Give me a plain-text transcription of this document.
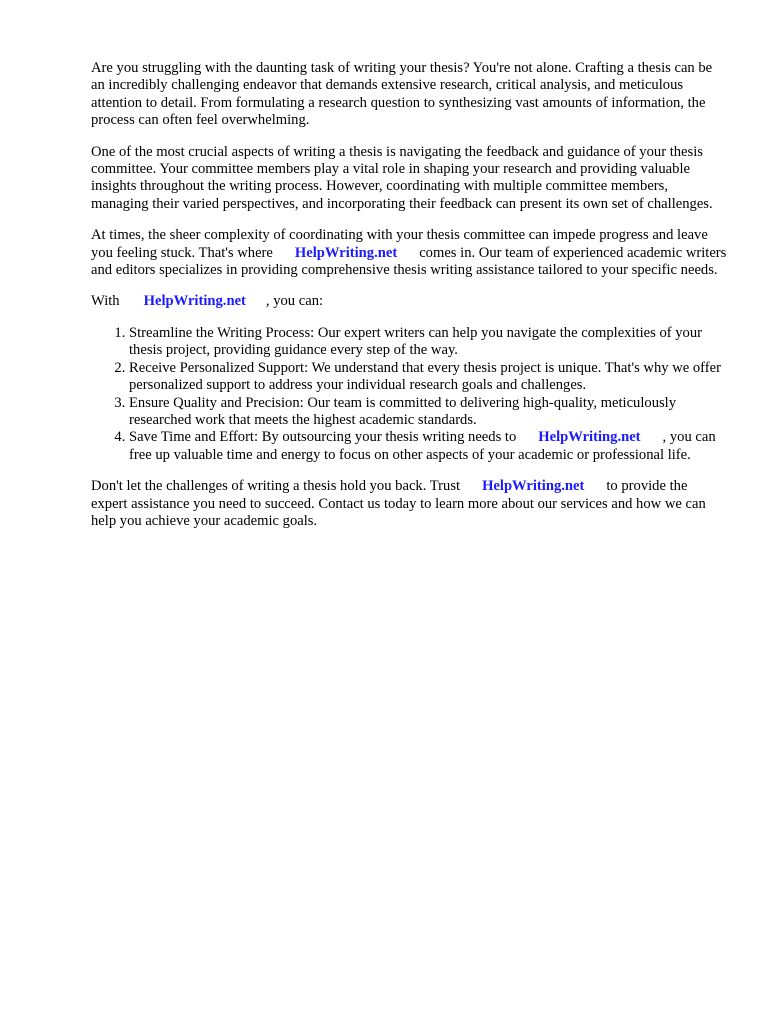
Are you struggling with the daunting task of writing your thesis? You're not alone. Crafting a thesis can be an incredibly challenging endeavor that demands extensive research, critical analysis, and meticulous attention to detail. From formulating a research question to synthesizing vast amounts of information, the process can often feel overwhelming.

One of the most crucial aspects of writing a thesis is navigating the feedback and guidance of your thesis committee. Your committee members play a vital role in shaping your research and providing valuable insights throughout the writing process. However, coordinating with multiple committee members, managing their varied perspectives, and incorporating their feedback can present its own set of challenges.

At times, the sheer complexity of coordinating with your thesis committee can impede progress and leave you feeling stuck. That's where HelpWriting.net comes in. Our team of experienced academic writers and editors specializes in providing comprehensive thesis writing assistance tailored to your specific needs.

With HelpWriting.net , you can:

1. Streamline the Writing Process: Our expert writers can help you navigate the complexities of your thesis project, providing guidance every step of the way.
2. Receive Personalized Support: We understand that every thesis project is unique. That's why we offer personalized support to address your individual research goals and challenges.
3. Ensure Quality and Precision: Our team is committed to delivering high-quality, meticulously researched work that meets the highest academic standards.
4. Save Time and Effort: By outsourcing your thesis writing needs to HelpWriting.net , you can free up valuable time and energy to focus on other aspects of your academic or professional life.

Don't let the challenges of writing a thesis hold you back. Trust HelpWriting.net to provide the expert assistance you need to succeed. Contact us today to learn more about our services and how we can help you achieve your academic goals.
